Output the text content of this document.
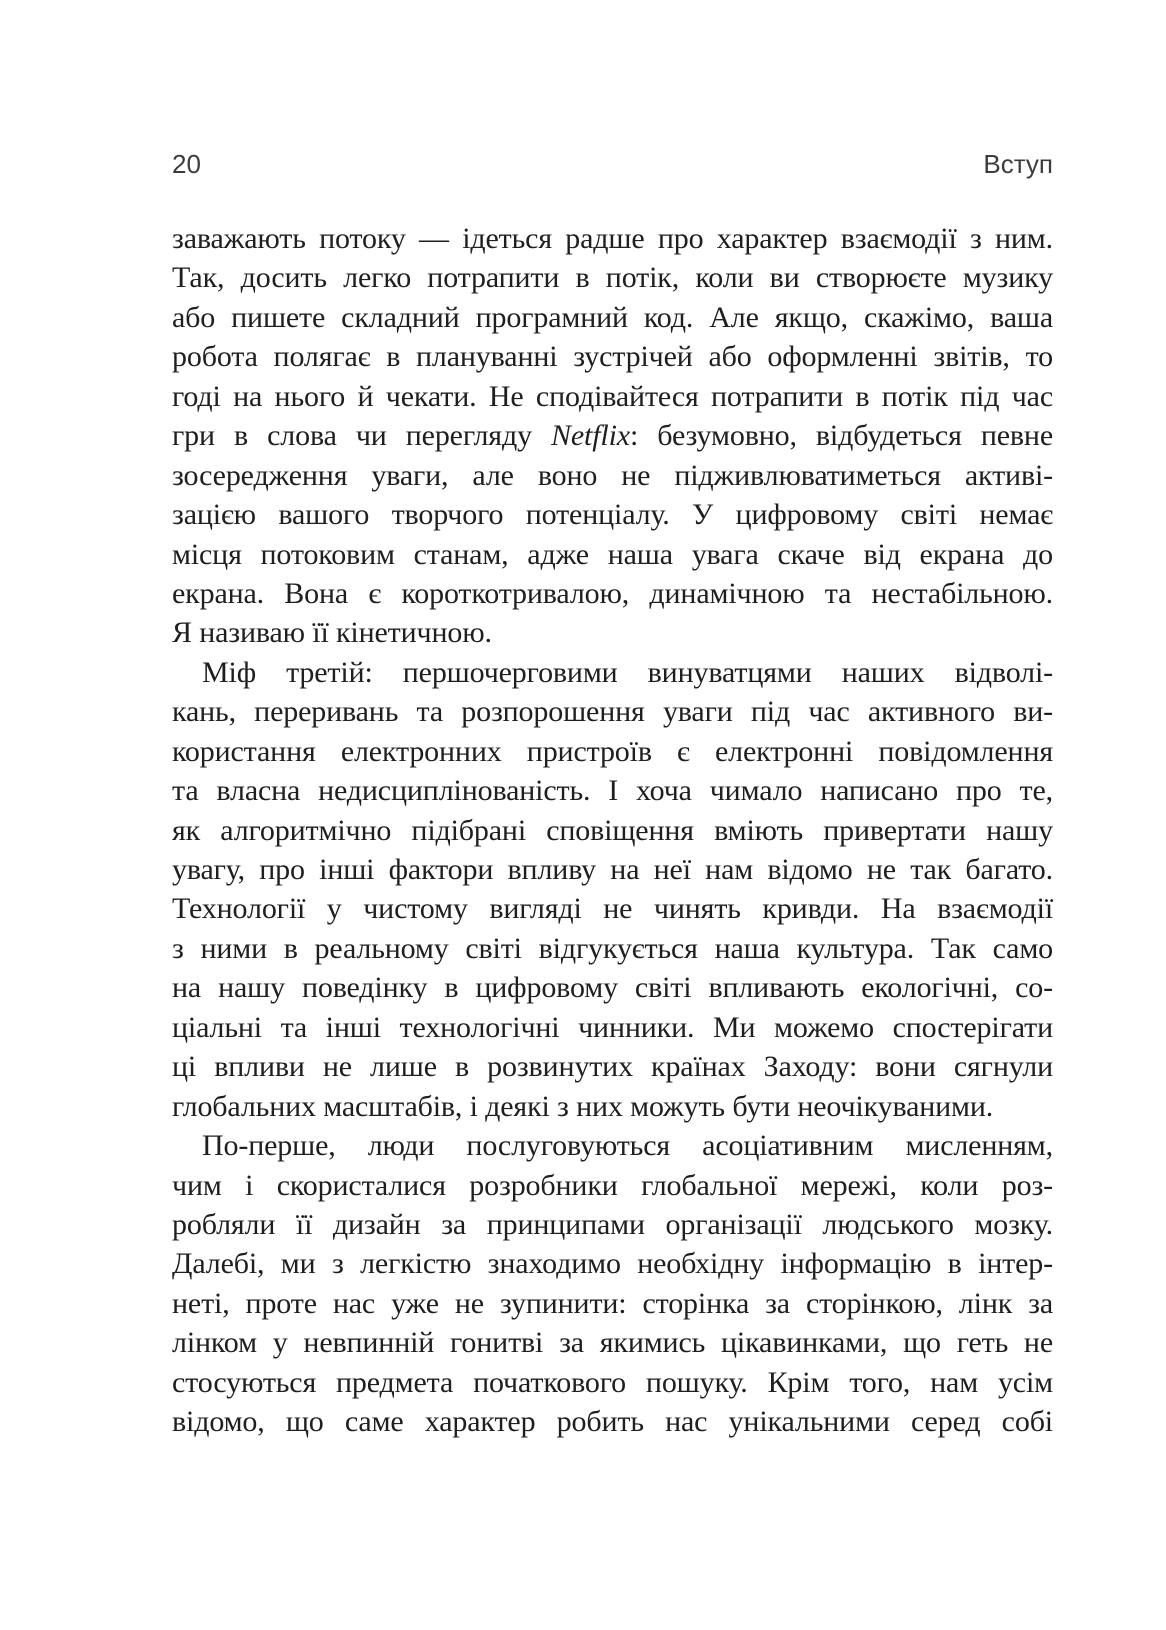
20	Вступ
заважають потоку — ідеться радше про характер взаємодії з ним.
Так, досить легко потрапити в потік, коли ви створюєте музику
або пишете складний програмний код. Але якщо, скажімо, ваша
робота полягає в плануванні зустрічей або оформленні звітів, то
годі на нього й чекати. Не сподівайтеся потрапити в потік під час
гри в слова чи перегляду Netflix: безумовно, відбудеться певне
зосередження уваги, але воно не підживлюватиметься активі-
зацією вашого творчого потенціалу. У цифровому світі немає
місця потоковим станам, адже наша увага скаче від екрана до
екрана. Вона є короткотривалою, динамічною та нестабільною.
Я називаю її кінетичною.
Міф третій: першочерговими винуватцями наших відволі-
кань, переривань та розпорошення уваги під час активного ви-
користання електронних пристроїв є електронні повідомлення
та власна недисциплінованість. І хоча чимало написано про те,
як алгоритмічно підібрані сповіщення вміють привертати нашу
увагу, про інші фактори впливу на неї нам відомо не так багато.
Технології у чистому вигляді не чинять кривди. На взаємодії
з ними в реальному світі відгукується наша культура. Так само
на нашу поведінку в цифровому світі впливають екологічні, со-
ціальні та інші технологічні чинники. Ми можемо спостерігати
ці впливи не лише в розвинутих країнах Заходу: вони сягнули
глобальних масштабів, і деякі з них можуть бути неочікуваними.
По-перше, люди послуговуються асоціативним мисленням,
чим і скористалися розробники глобальної мережі, коли роз-
робляли її дизайн за принципами організації людського мозку.
Далебі, ми з легкістю знаходимо необхідну інформацію в інтер-
неті, проте нас уже не зупинити: сторінка за сторінкою, лінк за
лінком у невпинній гонитві за якимись цікавинками, що геть не
стосуються предмета початкового пошуку. Крім того, нам усім
відомо, що саме характер робить нас унікальними серед собі
